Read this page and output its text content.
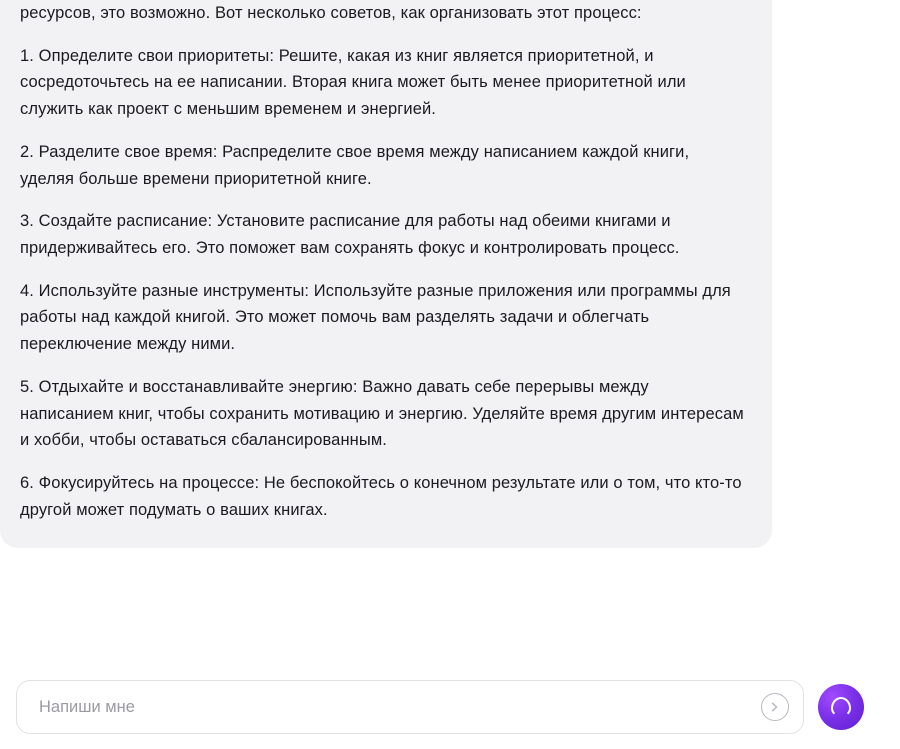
ресурсов, это возможно. Вот несколько советов, как организовать этот процесс:

1. Определите свои приоритеты: Решите, какая из книг является приоритетной, и сосредоточьтесь на ее написании. Вторая книга может быть менее приоритетной или служить как проект с меньшим временем и энергией.

2. Разделите свое время: Распределите свое время между написанием каждой книги, уделяя больше времени приоритетной книге.

3. Создайте расписание: Установите расписание для работы над обеими книгами и придерживайтесь его. Это поможет вам сохранять фокус и контролировать процесс.

4. Используйте разные инструменты: Используйте разные приложения или программы для работы над каждой книгой. Это может помочь вам разделять задачи и облегчать переключение между ними.

5. Отдыхайте и восстанавливайте энергию: Важно давать себе перерывы между написанием книг, чтобы сохранить мотивацию и энергию. Уделяйте время другим интересам и хобби, чтобы оставаться сбалансированным.

6. Фокусируйтесь на процессе: Не беспокойтесь о конечном результате или о том, что кто-то другой может подумать о ваших книгах.

Напиши мне
